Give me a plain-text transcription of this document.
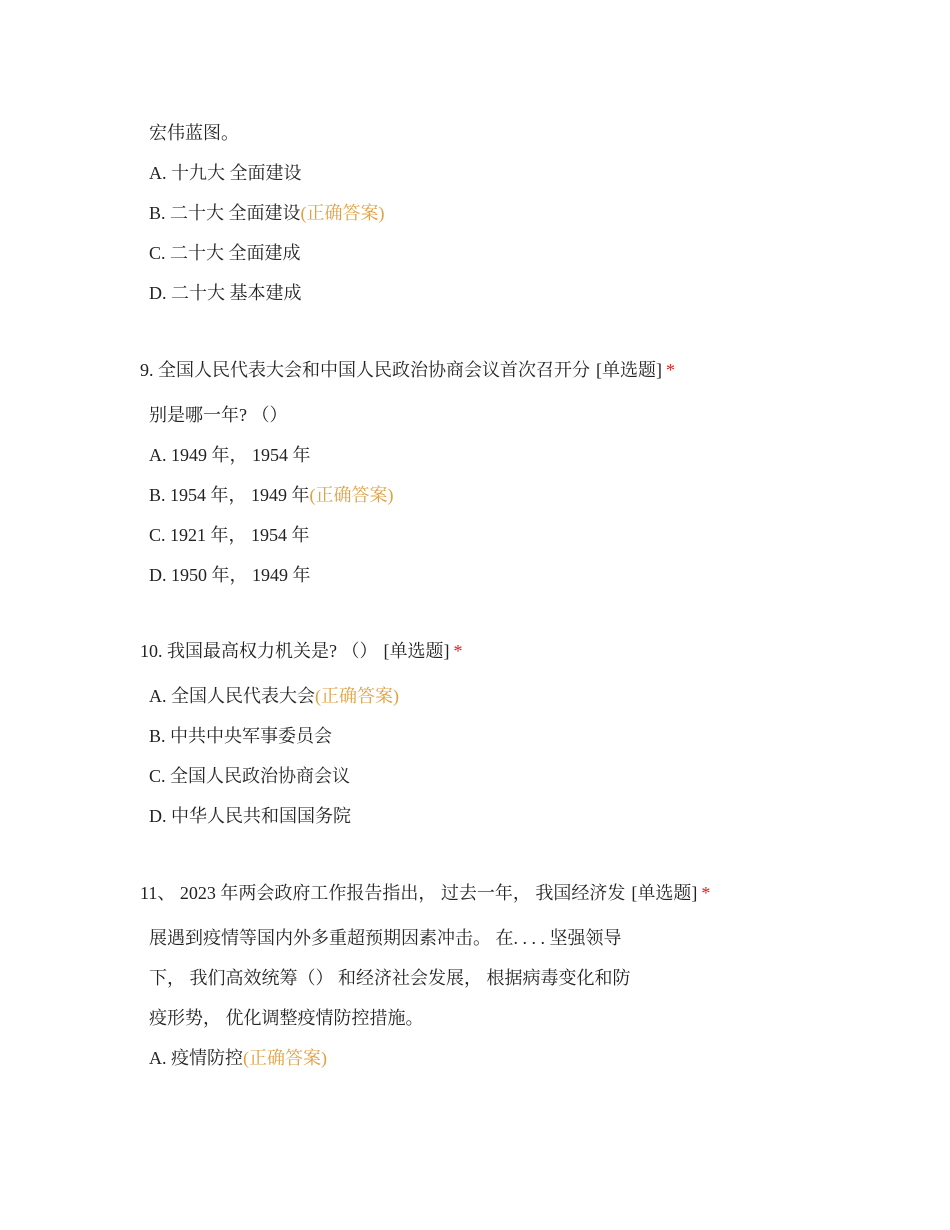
宏伟蓝图。
A. 十九大 全面建设
B. 二十大 全面建设(正确答案)
C. 二十大 全面建成
D. 二十大 基本建成
9. 全国人民代表大会和中国人民政治协商会议首次召开分 [单选题] *
别是哪一年? （）
A. 1949 年， 1954 年
B. 1954 年， 1949 年(正确答案)
C. 1921 年， 1954 年
D. 1950 年， 1949 年
10. 我国最高权力机关是? （） [单选题] *
A. 全国人民代表大会(正确答案)
B. 中共中央军事委员会
C. 全国人民政治协商会议
D. 中华人民共和国国务院
11、 2023 年两会政府工作报告指出， 过去一年， 我国经济发 [单选题] *
展遇到疫情等国内外多重超预期因素冲击。 在. . . . 坚强领导
下， 我们高效统筹（） 和经济社会发展， 根据病毒变化和防
疫形势， 优化调整疫情防控措施。
A. 疫情防控(正确答案)
